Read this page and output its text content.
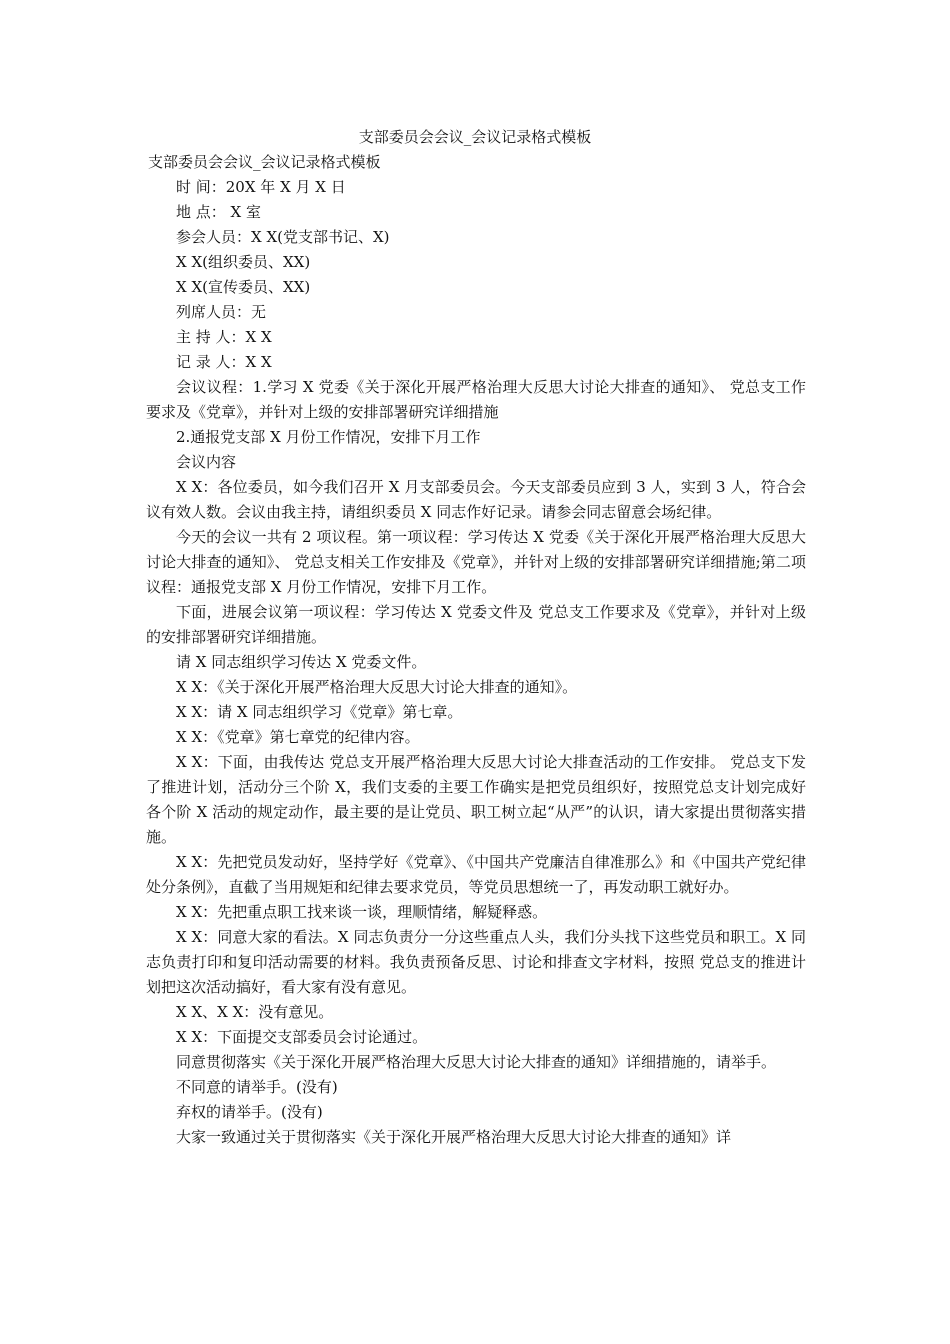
支部委员会会议_会议记录格式模板

支部委员会会议_会议记录格式模板

时 间：20X 年 X 月 X 日

地 点： X 室

参会人员：X X(党支部书记、X)

X X(组织委员、XX)

X X(宣传委员、XX)

列席人员：无

主 持 人：X X

记 录 人：X X

会议议程：1.学习 X 党委《关于深化开展严格治理大反思大讨论大排查的通知》、 党总支工作要求及《党章》，并针对上级的安排部署研究详细措施

2.通报党支部 X 月份工作情况，安排下月工作

会议内容

X X：各位委员，如今我们召开 X 月支部委员会。今天支部委员应到 3 人，实到 3 人，符合会议有效人数。会议由我主持，请组织委员 X 同志作好记录。请参会同志留意会场纪律。

今天的会议一共有 2 项议程。第一项议程：学习传达 X 党委《关于深化开展严格治理大反思大讨论大排查的通知》、 党总支相关工作安排及《党章》，并针对上级的安排部署研究详细措施;第二项议程：通报党支部 X 月份工作情况，安排下月工作。

下面，进展会议第一项议程：学习传达 X 党委文件及 党总支工作要求及《党章》，并针对上级的安排部署研究详细措施。

请 X 同志组织学习传达 X 党委文件。

X X：《关于深化开展严格治理大反思大讨论大排查的通知》。

X X：请 X 同志组织学习《党章》第七章。

X X：《党章》第七章党的纪律内容。

X X：下面，由我传达 党总支开展严格治理大反思大讨论大排查活动的工作安排。 党总支下发了推进计划，活动分三个阶 X，我们支委的主要工作确实是把党员组织好，按照党总支计划完成好各个阶 X 活动的规定动作，最主要的是让党员、职工树立起“从严”的认识，请大家提出贯彻落实措施。

X X：先把党员发动好，坚持学好《党章》、《中国共产党廉洁自律准那么》和《中国共产党纪律处分条例》，直截了当用规矩和纪律去要求党员，等党员思想统一了，再发动职工就好办。

X X：先把重点职工找来谈一谈，理顺情绪，解疑释惑。

X X：同意大家的看法。X 同志负责分一分这些重点人头，我们分头找下这些党员和职工。X 同志负责打印和复印活动需要的材料。我负责预备反思、讨论和排查文字材料，按照 党总支的推进计划把这次活动搞好，看大家有没有意见。

X X、X X：没有意见。

X X：下面提交支部委员会讨论通过。

同意贯彻落实《关于深化开展严格治理大反思大讨论大排查的通知》详细措施的，请举手。

不同意的请举手。(没有)

弃权的请举手。(没有)

大家一致通过关于贯彻落实《关于深化开展严格治理大反思大讨论大排查的通知》详
